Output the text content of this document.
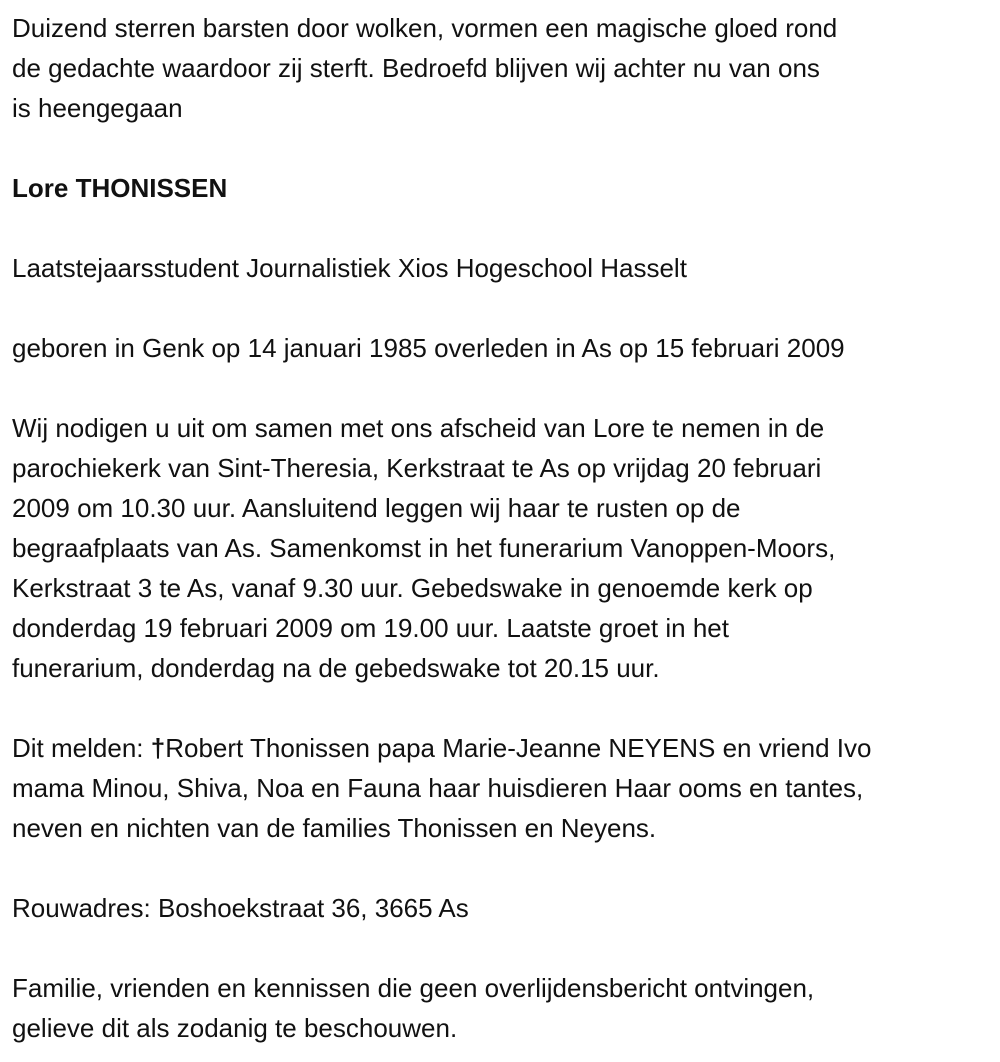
Duizend sterren barsten door wolken, vormen een magische gloed rond
de gedachte waardoor zij sterft. Bedroefd blijven wij achter nu van ons
is heengegaan

Lore THONISSEN

Laatstejaarsstudent Journalistiek Xios Hogeschool Hasselt

geboren in Genk op 14 januari 1985 overleden in As op 15 februari 2009

Wij nodigen u uit om samen met ons afscheid van Lore te nemen in de
parochiekerk van Sint-Theresia, Kerkstraat te As op vrijdag 20 februari
2009 om 10.30 uur. Aansluitend leggen wij haar te rusten op de
begraafplaats van As. Samenkomst in het funerarium Vanoppen-Moors,
Kerkstraat 3 te As, vanaf 9.30 uur. Gebedswake in genoemde kerk op
donderdag 19 februari 2009 om 19.00 uur. Laatste groet in het
funerarium, donderdag na de gebedswake tot 20.15 uur.

Dit melden: †Robert Thonissen papa Marie-Jeanne NEYENS en vriend Ivo
mama Minou, Shiva, Noa en Fauna haar huisdieren Haar ooms en tantes,
neven en nichten van de families Thonissen en Neyens.

Rouwadres: Boshoekstraat 36, 3665 As

Familie, vrienden en kennissen die geen overlijdensbericht ontvingen,
gelieve dit als zodanig te beschouwen.
